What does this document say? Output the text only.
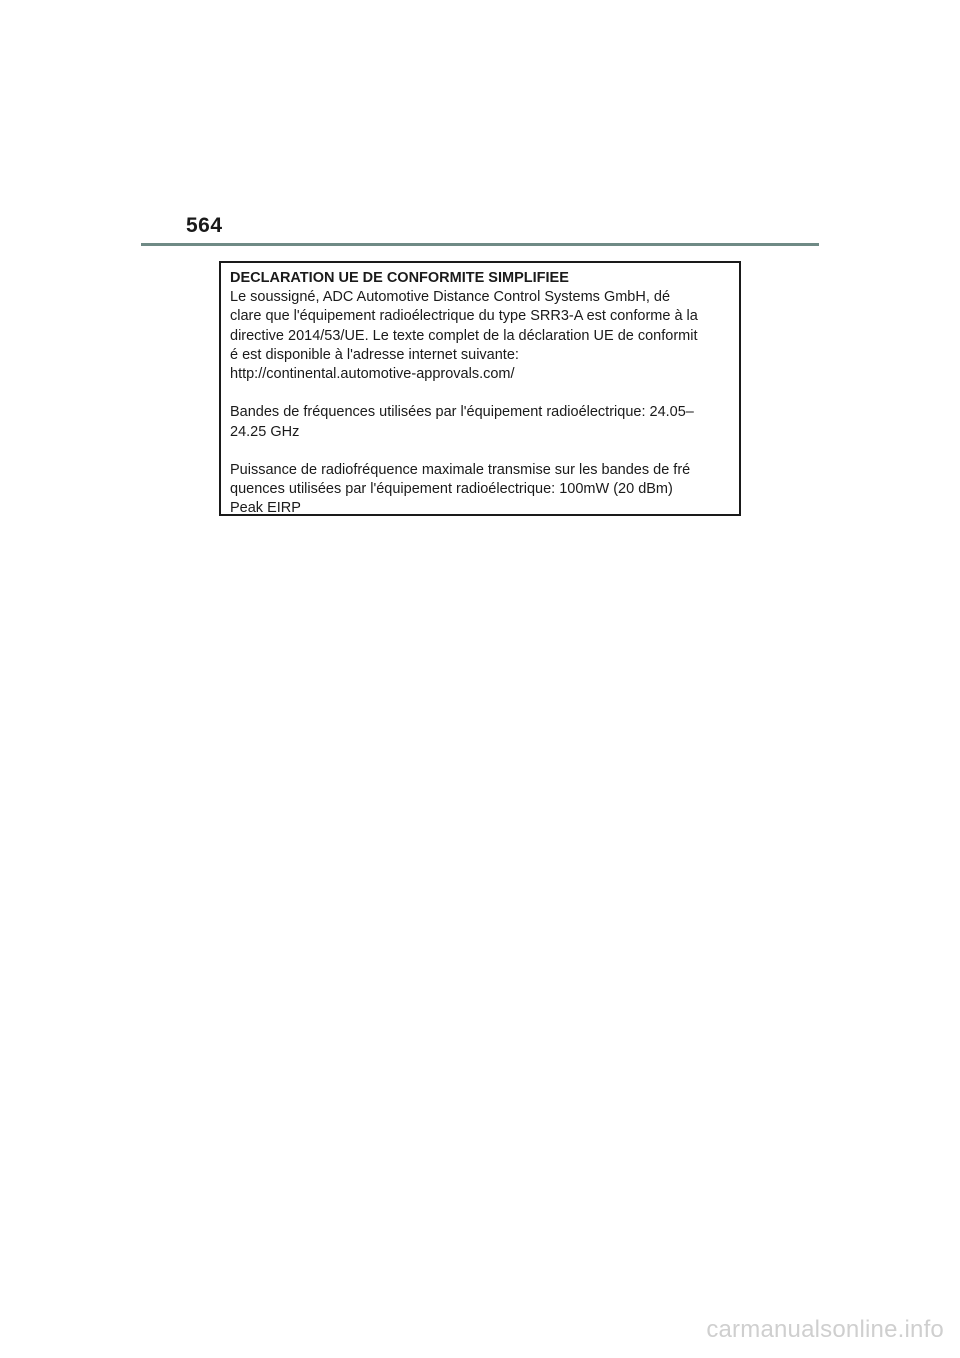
564

DECLARATION UE DE CONFORMITE SIMPLIFIEE

Le soussigné, ADC Automotive Distance Control Systems GmbH, dé
clare que l'équipement radioélectrique du type SRR3-A est conforme à la
directive 2014/53/UE. Le texte complet de la déclaration UE de conformit
é est disponible à l'adresse internet suivante:
http://continental.automotive-approvals.com/

Bandes de fréquences utilisées par l'équipement radioélectrique: 24.05–
24.25 GHz

Puissance de radiofréquence maximale transmise sur les bandes de fré
quences utilisées par l'équipement radioélectrique: 100mW (20 dBm)
Peak EIRP

carmanualsonline.info
